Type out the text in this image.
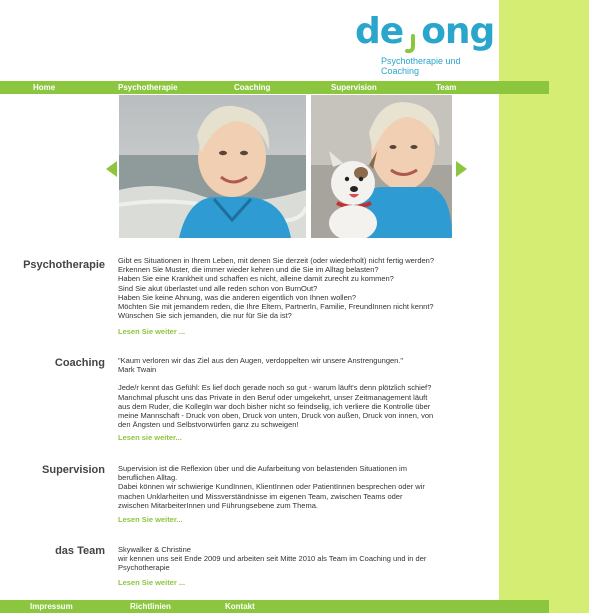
de ong
Psychotherapie und Coaching
Home	Psychotherapie	Coaching	Supervision	Team
Psychotherapie Gibt es Situationen in Ihrem Leben, mit denen Sie derzeit (oder wiederholt) nicht fertig werden?

Erkennen Sie Muster, die immer wieder kehren und die Sie im Alltag belasten?

Haben Sie eine Krankheit und schaffen es nicht, alleine damit zurecht zu kommen?

Sind Sie akut überlastet und alle reden schon von BurnOut?

Haben Sie keine Ahnung, was die anderen eigentlich von Ihnen wollen?

Möchten Sie mit jemandem reden, die Ihre Eltern, PartnerIn, Familie, FreundInnen nicht kennt?

Wünschen Sie sich jemanden, die nur für Sie da ist?

Lesen Sie weiter ...
Coaching "Kaum verloren wir das Ziel aus den Augen, verdoppelten wir unsere Anstrengungen."

Mark Twain

Jede/r kennt das Gefühl: Es lief doch gerade noch so gut - warum läuft's denn plötzlich schief?

Manchmal pfuscht uns das Private in den Beruf oder umgekehrt, unser Zeitmanagement läuft

aus dem Ruder, die KollegIn war doch bisher nicht so feindselig, ich verliere die Kontrolle über

meine Mannschaft - Druck von oben, Druck von unten, Druck von außen, Druck von innen, von

den Ängsten und Selbstvorwürfen ganz zu schweigen!

Lesen sie weiter...
Supervision Supervision ist die Reflexion über und die Aufarbeitung von belastenden Situationen im

beruflichen Alltag.

Dabei können wir schwierige KundInnen, KlientInnen oder PatientInnen besprechen oder wir

machen Unklarheiten und Missverständnisse im eigenen Team, zwischen Teams oder

zwischen MitarbeiterInnen und Führungsebene zum Thema.

Lesen Sie weiter...
das Team Skywalker & Christine

wir kennen uns seit Ende 2009 und arbeiten seit Mitte 2010 als Team im Coaching und in der

Psychotherapie

Lesen Sie weiter ...
Impressum	Richtlinien	Kontakt
